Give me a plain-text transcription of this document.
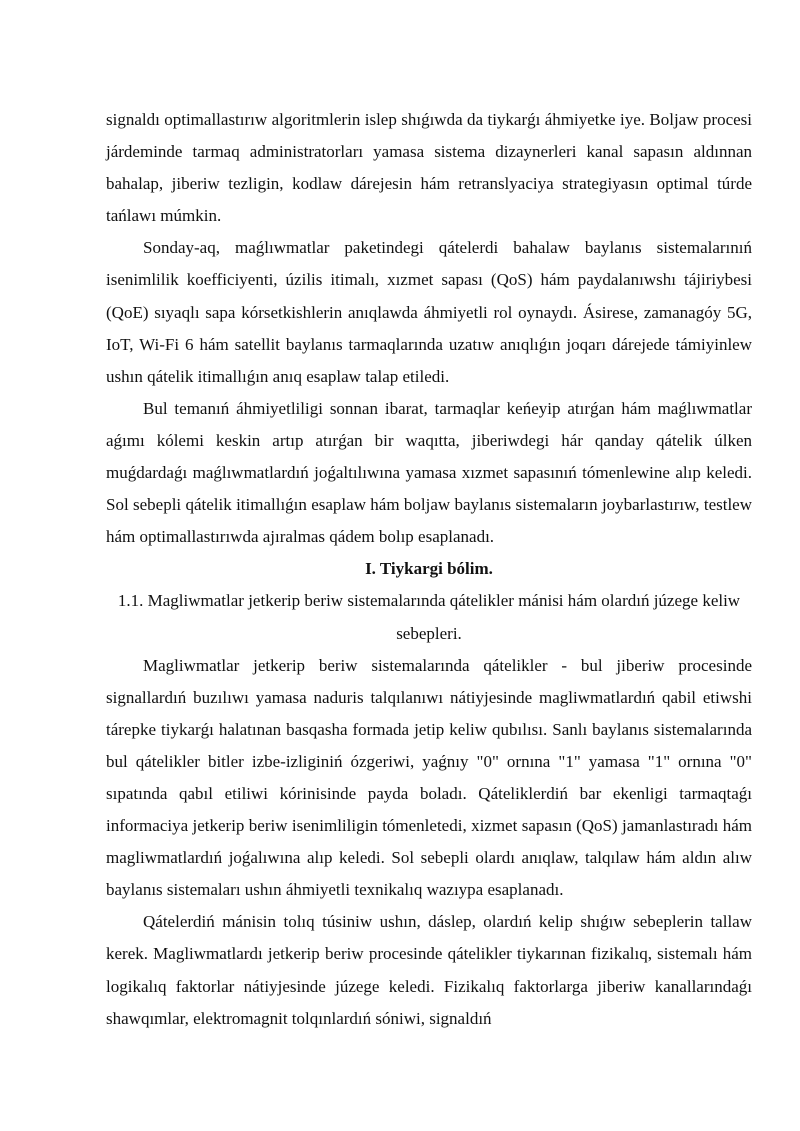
signaldı optimallastırıw algoritmlerin islep shıǵıwda da tiykarǵı áhmiyetke iye. Boljaw procesi járdeminde tarmaq administratorları yamasa sistema dizaynerleri kanal sapasın aldınnan bahalap, jiberiw tezligin, kodlaw dárejesin hám retranslyaciya strategiyasın optimal túrde tańlawı múmkin.

Sonday-aq, maǵlıwmatlar paketindegi qátelerdi bahalaw baylanıs sistemalarınıń isenimlilik koefficiyenti, úzilis itimalı, xızmet sapası (QoS) hám paydalanıwshı tájiriybesi (QoE) sıyaqlı sapa kórsetkishlerin anıqlawda áhmiyetli rol oynaydı. Ásirese, zamanagóy 5G, IoT, Wi-Fi 6 hám satellit baylanıs tarmaqlarında uzatıw anıqlıǵın joqarı dárejede támiyinlew ushın qátelik itimallıǵın anıq esaplaw talap etiledi.

Bul temanıń áhmiyetliligi sonnan ibarat, tarmaqlar keńeyip atırǵan hám maǵlıwmatlar aǵımı kólemi keskin artıp atırǵan bir waqıtta, jiberiwdegi hár qanday qátelik úlken muǵdardaǵı maǵlıwmatlardıń joǵaltılıwına yamasa xızmet sapasınıń tómenlewine alıp keledi. Sol sebepli qátelik itimallıǵın esaplaw hám boljaw baylanıs sistemaların joybarlastırıw, testlew hám optimallastırıwda ajıralmas qádem bolıp esaplanadı.

I. Tiykargi bólim.
1.1. Magliwmatlar jetkerip beriw sistemalarında qátelikler mánisi hám olardıń júzege keliw sebepleri.

Magliwmatlar jetkerip beriw sistemalarında qátelikler - bul jiberiw procesinde signallardıń buzılıwı yamasa naduris talqılanıwı nátiyjesinde magliwmatlardıń qabil etiwshi tárepke tiykarǵı halatınan basqasha formada jetip keliw qubılısı. Sanlı baylanıs sistemalarında bul qátelikler bitler izbe-izliginiń ózgeriwi, yaǵnıy "0" ornına "1" yamasa "1" ornına "0" sıpatında qabıl etiliwi kórinisinde payda boladı. Qáteliklerdiń bar ekenligi tarmaqtaǵı informaciya jetkerip beriw isenimliligin tómenletedi, xizmet sapasın (QoS) jamanlastıradı hám magliwmatlardıń joǵalıwına alıp keledi. Sol sebepli olardı anıqlaw, talqılaw hám aldın alıw baylanıs sistemaları ushın áhmiyetli texnikalıq wazıypa esaplanadı.

Qátelerdiń mánisin tolıq túsiniw ushın, dáslep, olardıń kelip shıǵıw sebeplerin tallaw kerek. Magliwmatlardı jetkerip beriw procesinde qátelikler tiykarınan fizikalıq, sistemalı hám logikalıq faktorlar nátiyjesinde júzege keledi. Fizikalıq faktorlarga jiberiw kanallarındaǵı shawqımlar, elektromagnit tolqınlardıń sóniwi, signaldıń
